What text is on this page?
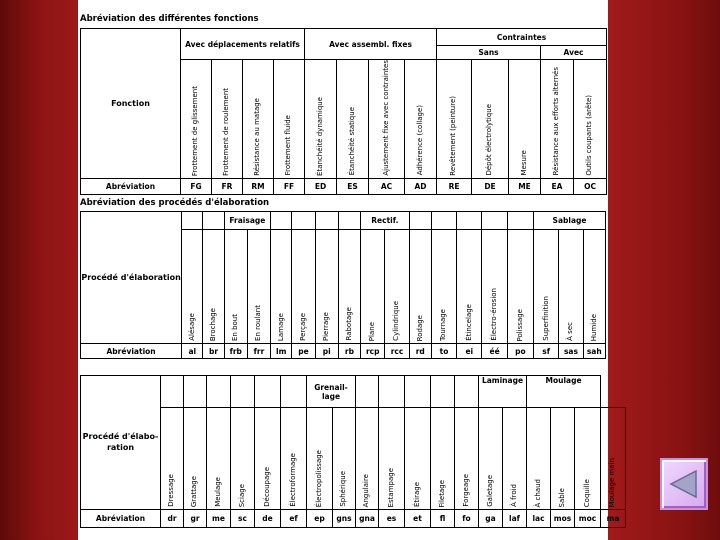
Abréviation des différentes fonctions
Fonction	Avec déplacements relatifs				Avec assembl. fixes				Contraintes				
									Sans			Avec	

	Frottement de glissement	Frottement de roulement	Résistance au matage	Frottement fluide	Étanchéité dynamique	Étanchéité statique	Ajustement fixe avec contraintes	Adhérence (collage)	Revêtement (peinture)	Dépôt électrolytique	Mesure	Résistance aux efforts alternés	Outils coupants (arête)

Abréviation	FG	FR	RM	FF	ED	ES	AC	AD	RE	DE	ME	EA	OC
Abréviation des procédés d'élaboration
Procédé d'élaboration			Fraisage						Rectif.							Sablage		

	Alésage	Brochage	En bout	En roulant	Lamage	Perçage	Pierrage	Rabotage	Plane	Cylindrique	Rodage	Tournage	Étincelage	Électro-érosion	Polissage	Superfinition	À sec	Humide

Abréviation	al	br	frb	frr	lm	pe	pi	rb	rcp	rcc	rd	to	ei	éé	po	sf	sas	sah
Procédé d'élabo-ration							Grenail-lage							Laminage		Moulage			

	Dressage	Grattage	Meulage	Sciage	Découpage	Électroformage	Électropolissage	Sphérique	Angulaire	Estampage	Étirage	Filetage	Forgeage	Galetage	À froid	À chaud	Sable	Coquille	Moulage main

Abréviation	dr	gr	me	sc	de	ef	ep	gns	gna	es	et	fl	fo	ga	laf	lac	mos	moc	ma
